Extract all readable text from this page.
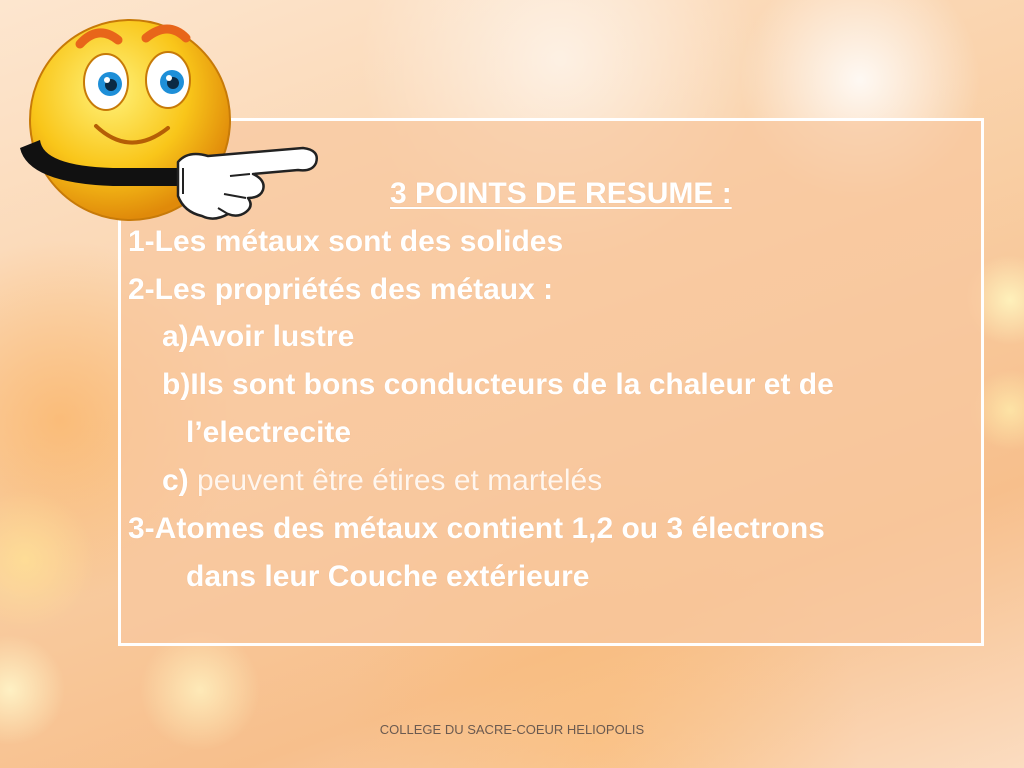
3 POINTS DE RESUME :
1-Les métaux sont des solides
2-Les propriétés des métaux :
a)Avoir lustre
b)Ils sont bons conducteurs de la chaleur et de
l’electrecite
c) peuvent être étires et martelés
3-Atomes des métaux contient 1,2 ou 3 électrons
dans leur Couche extérieure
COLLEGE DU SACRE-COEUR HELIOPOLIS
